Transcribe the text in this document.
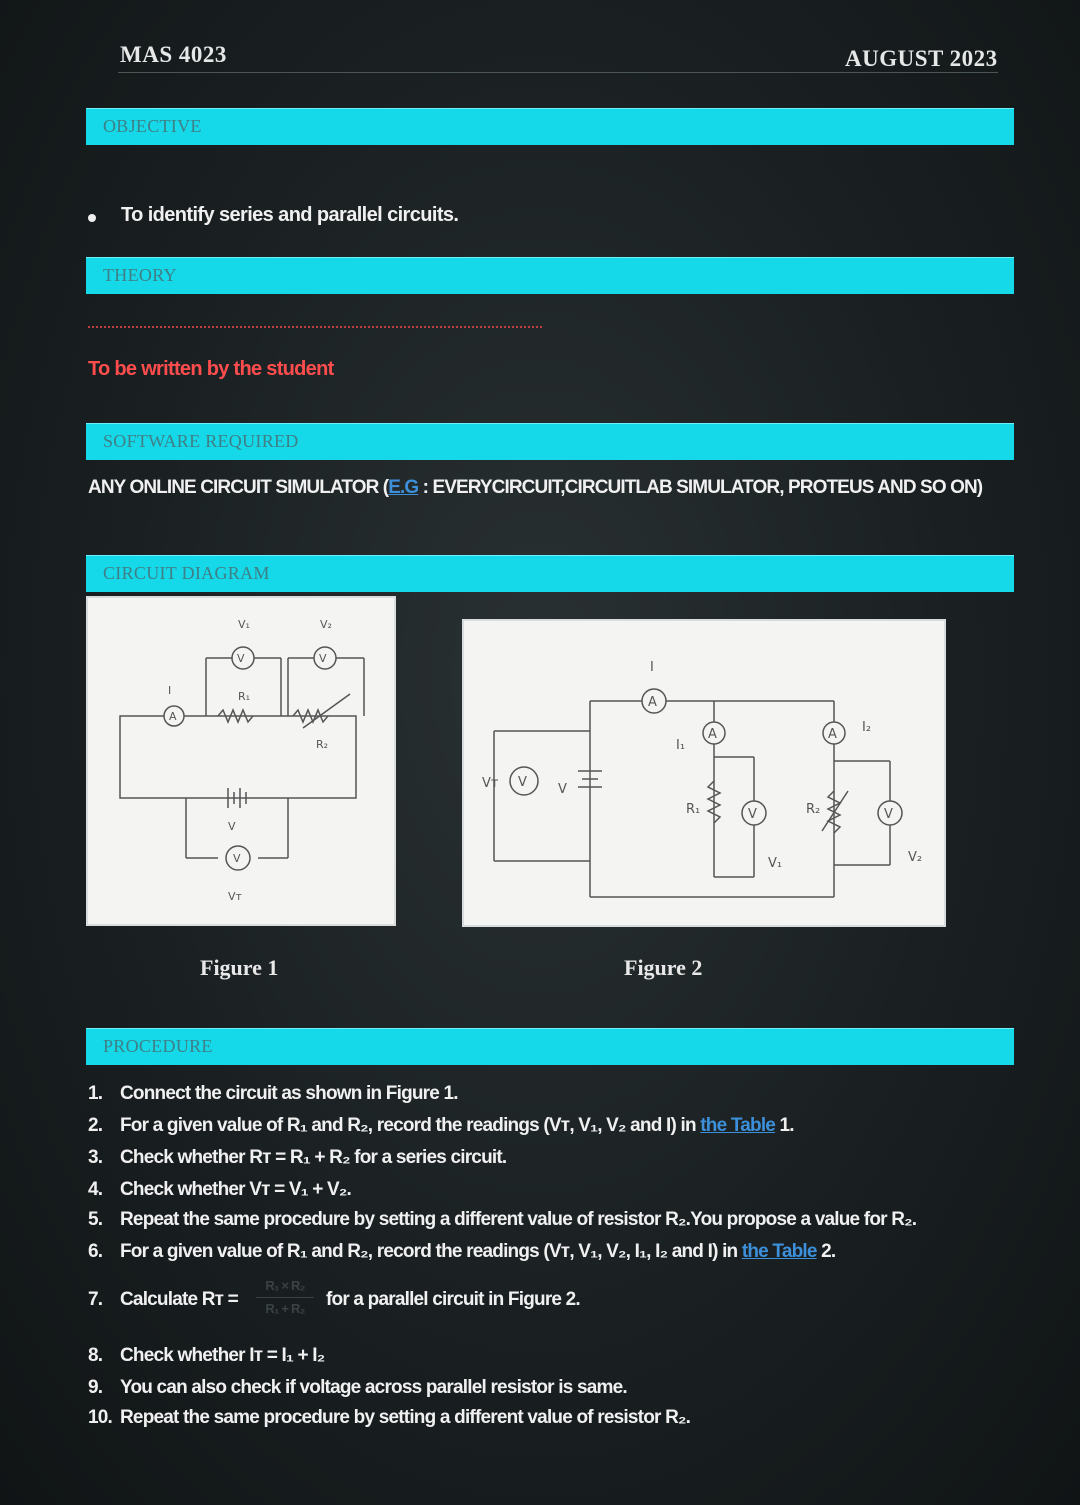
MAS 4023	AUGUST 2023
OBJECTIVE
To identify series and parallel circuits.
THEORY
To be written by the student
SOFTWARE REQUIRED
ANY ONLINE CIRCUIT SIMULATOR (E.G : EVERYCIRCUIT,CIRCUITLAB SIMULATOR, PROTEUS AND SO ON)
CIRCUIT DIAGRAM
V	V
A
V
V₁	V₂
I	R₁
R₂
V
Vᴛ
V
A
A	A
V	V
I
I₁
I₂
R₁	R₂
Vᴛ	V
V₁	V₂
Figure 1	Figure 2
PROCEDURE
1. Connect the circuit as shown in Figure 1.
2. For a given value of R₁ and R₂, record the readings (Vᴛ, V₁, V₂ and I) in the Table 1.
3. Check whether Rᴛ = R₁ + R₂ for a series circuit.
4. Check whether Vᴛ = V₁ + V₂.
5. Repeat the same procedure by setting a different value of resistor R₂.You propose a value for R₂.
6. For a given value of R₁ and R₂, record the readings (Vᴛ, V₁, V₂, I₁, I₂ and I) in the Table 2.
7. Calculate Rᴛ = $\frac{\text{R₁ × R₂}}{\text{R₁ + R₂}}$ for a parallel circuit in Figure 2.
8. Check whether Iᴛ = I₁ + I₂
9. You can also check if voltage across parallel resistor is same.
10. Repeat the same procedure by setting a different value of resistor R₂.
